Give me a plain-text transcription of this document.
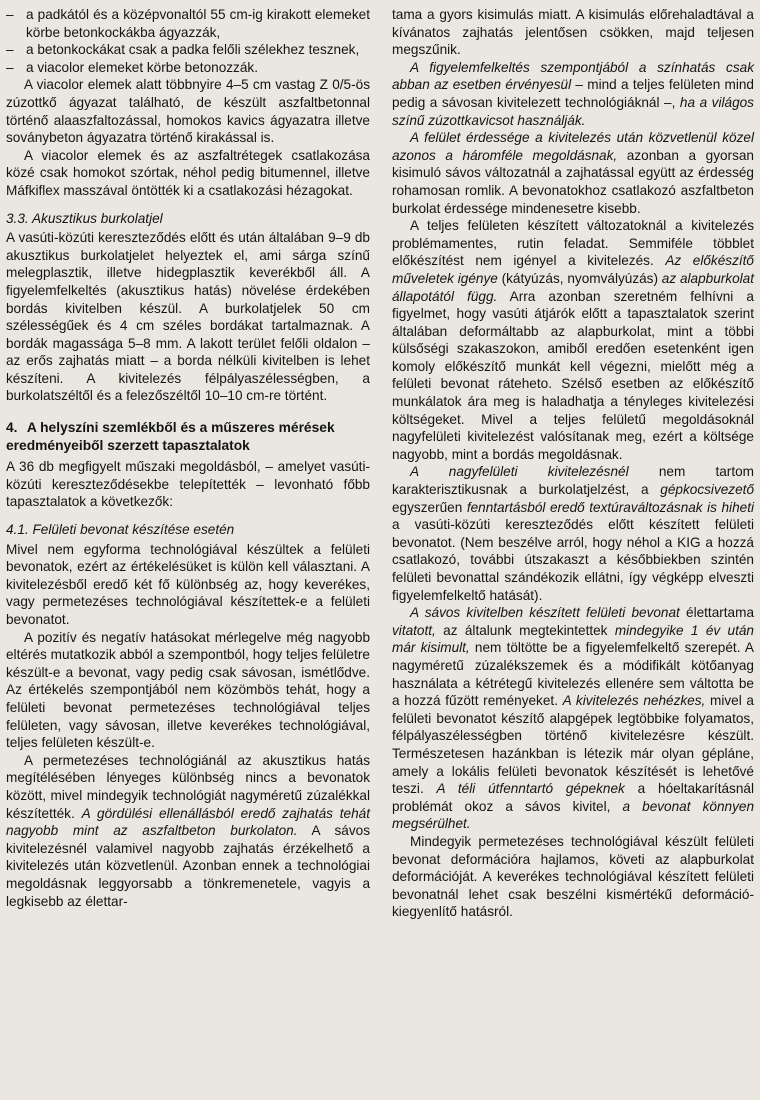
– a padkától és a középvonaltól 55 cm-ig kirakott elemeket körbe betonkockákba ágyazzák,
– a betonkockákat csak a padka felőli szélekhez tesznek,
– a viacolor elemeket körbe betonozzák.

A viacolor elemek alatt többnyire 4–5 cm vastag Z 0/5-ös zúzottkő ágyazat található, de készült aszfaltbetonnal történő alaaszfaltozással, homokos kavics ágyazatra illetve soványbeton ágyazatra történő kirakással is.

A viacolor elemek és az aszfaltrétegek csatlakozása közé csak homokot szórtak, néhol pedig bitumennel, illetve Máfkiflex masszával öntötték ki a csatlakozási hézagokat.

3.3. Akusztikus burkolatjel

A vasúti-közúti kereszteződés előtt és után általában 9–9 db akusztikus burkolatjelet helyeztek el, ami sárga színű melegplasztik, illetve hidegplasztik keverékből áll. A figyelemfelkeltés (akusztikus hatás) növelése érdekében bordás kivitelben készül. A burkolatjelek 50 cm szélességűek és 4 cm széles bordákat tartalmaznak. A bordák magassága 5–8 mm. A lakott terület felőli oldalon – az erős zajhatás miatt – a borda nélküli kivitelben is lehet készíteni. A kivitelezés félpályaszélességben, a burkolatszéltől és a felezőszéltől 10–10 cm-re történt.

4. A helyszíni szemlékből és a műszeres mérések eredményeiből szerzett tapasztalatok

A 36 db megfigyelt műszaki megoldásból, – amelyet vasúti-közúti kereszteződésekbe telepítették – levonható főbb tapasztalatok a következők:

4.1. Felületi bevonat készítése esetén

Mivel nem egyforma technológiával készültek a felületi bevonatok, ezért az értékelésüket is külön kell választani. A kivitelezésből eredő két fő különbség az, hogy keverékes, vagy permetezéses technológiával készítettek-e a felületi bevonatot.

A pozitív és negatív hatásokat mérlegelve még nagyobb eltérés mutatkozik abból a szempontból, hogy teljes felületre készült-e a bevonat, vagy pedig csak sávosan, ismétlődve. Az értékelés szempontjából nem közömbös tehát, hogy a felületi bevonat permetezéses technológiával teljes felületen, vagy sávosan, illetve keverékes technológiával, teljes felületen készült-e.

A permetezéses technológiánál az akusztikus hatás megítélésében lényeges különbség nincs a bevonatok között, mivel mindegyik technológiát nagyméretű zúzalékkal készítették. A gördülési ellenállásból eredő zajhatás tehát nagyobb mint az aszfaltbeton burkolaton. A sávos kivitelezésnél valamivel nagyobb zajhatás érzékelhető a kivitelezés után közvetlenül. Azonban ennek a technológiai megoldásnak leggyorsabb a tönkremenetele, vagyis a legkisebb az élettar-

tama a gyors kisimulás miatt. A kisimulás előrehaladtával a kívánatos zajhatás jelentősen csökken, majd teljesen megszűnik.

A figyelemfelkeltés szempontjából a színhatás csak abban az esetben érvényesül – mind a teljes felületen mind pedig a sávosan kivitelezett technológiáknál –, ha a világos színű zúzottkavicsot használják.

A felület érdessége a kivitelezés után közvetlenül közel azonos a háromféle megoldásnak, azonban a gyorsan kisimuló sávos változatnál a zajhatással együtt az érdesség rohamosan romlik. A bevonatokhoz csatlakozó aszfaltbeton burkolat érdessége mindenesetre kisebb.

A teljes felületen készített változatoknál a kivitelezés problémamentes, rutin feladat. Semmiféle többlet előkészítést nem igényel a kivitelezés. Az előkészítő műveletek igénye (kátyúzás, nyomvályúzás) az alapburkolat állapotától függ. Arra azonban szeretném felhívni a figyelmet, hogy vasúti átjárók előtt a tapasztalatok szerint általában deformáltabb az alapburkolat, mint a többi külsőségi szakaszokon, amiből eredően esetenként igen komoly előkészítő munkát kell végezni, mielőtt még a felületi bevonat ráteheto. Szélső esetben az előkészítő munkálatok ára meg is haladhatja a tényleges kivitelezési költségeket. Mivel a teljes felületű megoldásoknál nagyfelületi kivitelezést valósítanak meg, ezért a költsége nagyobb, mint a bordás megoldásnak.

A nagyfelületi kivitelezésnél nem tartom karakterisztikusnak a burkolatjelzést, a gépkocsivezető egyszerűen fenntartásból eredő textúraváltozásnak is hiheti a vasúti-közúti kereszteződés előtt készített felületi bevonatot. (Nem beszélve arról, hogy néhol a KIG a hozzá csatlakozó, további útszakaszt a későbbiekben szintén felületi bevonattal szándékozik ellátni, így végképp elveszti figyelemfelkeltő hatását).

A sávos kivitelben készített felületi bevonat élettartama vitatott, az általunk megtekintettek mindegyike 1 év után már kisimult, nem töltötte be a figyelemfelkeltő szerepét. A nagyméretű zúzalékszemek és a módifikált kötőanyag használata a kétrétegű kivitelezés ellenére sem váltotta be a hozzá fűzött reményeket. A kivitelezés nehézkes, mivel a felületi bevonatot készítő alapgépek legtöbbike folyamatos, félpályaszélességben történő kivitelezésre készült. Természetesen hazánkban is létezik már olyan gépláne, amely a lokális felületi bevonatok készítését is lehetővé teszi. A téli útfenntartó gépeknek a hóeltakarításnál problémát okoz a sávos kivitel, a bevonat könnyen megsérülhet.

Mindegyik permetezéses technológiával készült felületi bevonat deformációra hajlamos, követi az alapburkolat deformációját. A keverékes technológiával készített felületi bevonatnál lehet csak beszélni kismértékű deformáció-kiegyenlítő hatásról.
